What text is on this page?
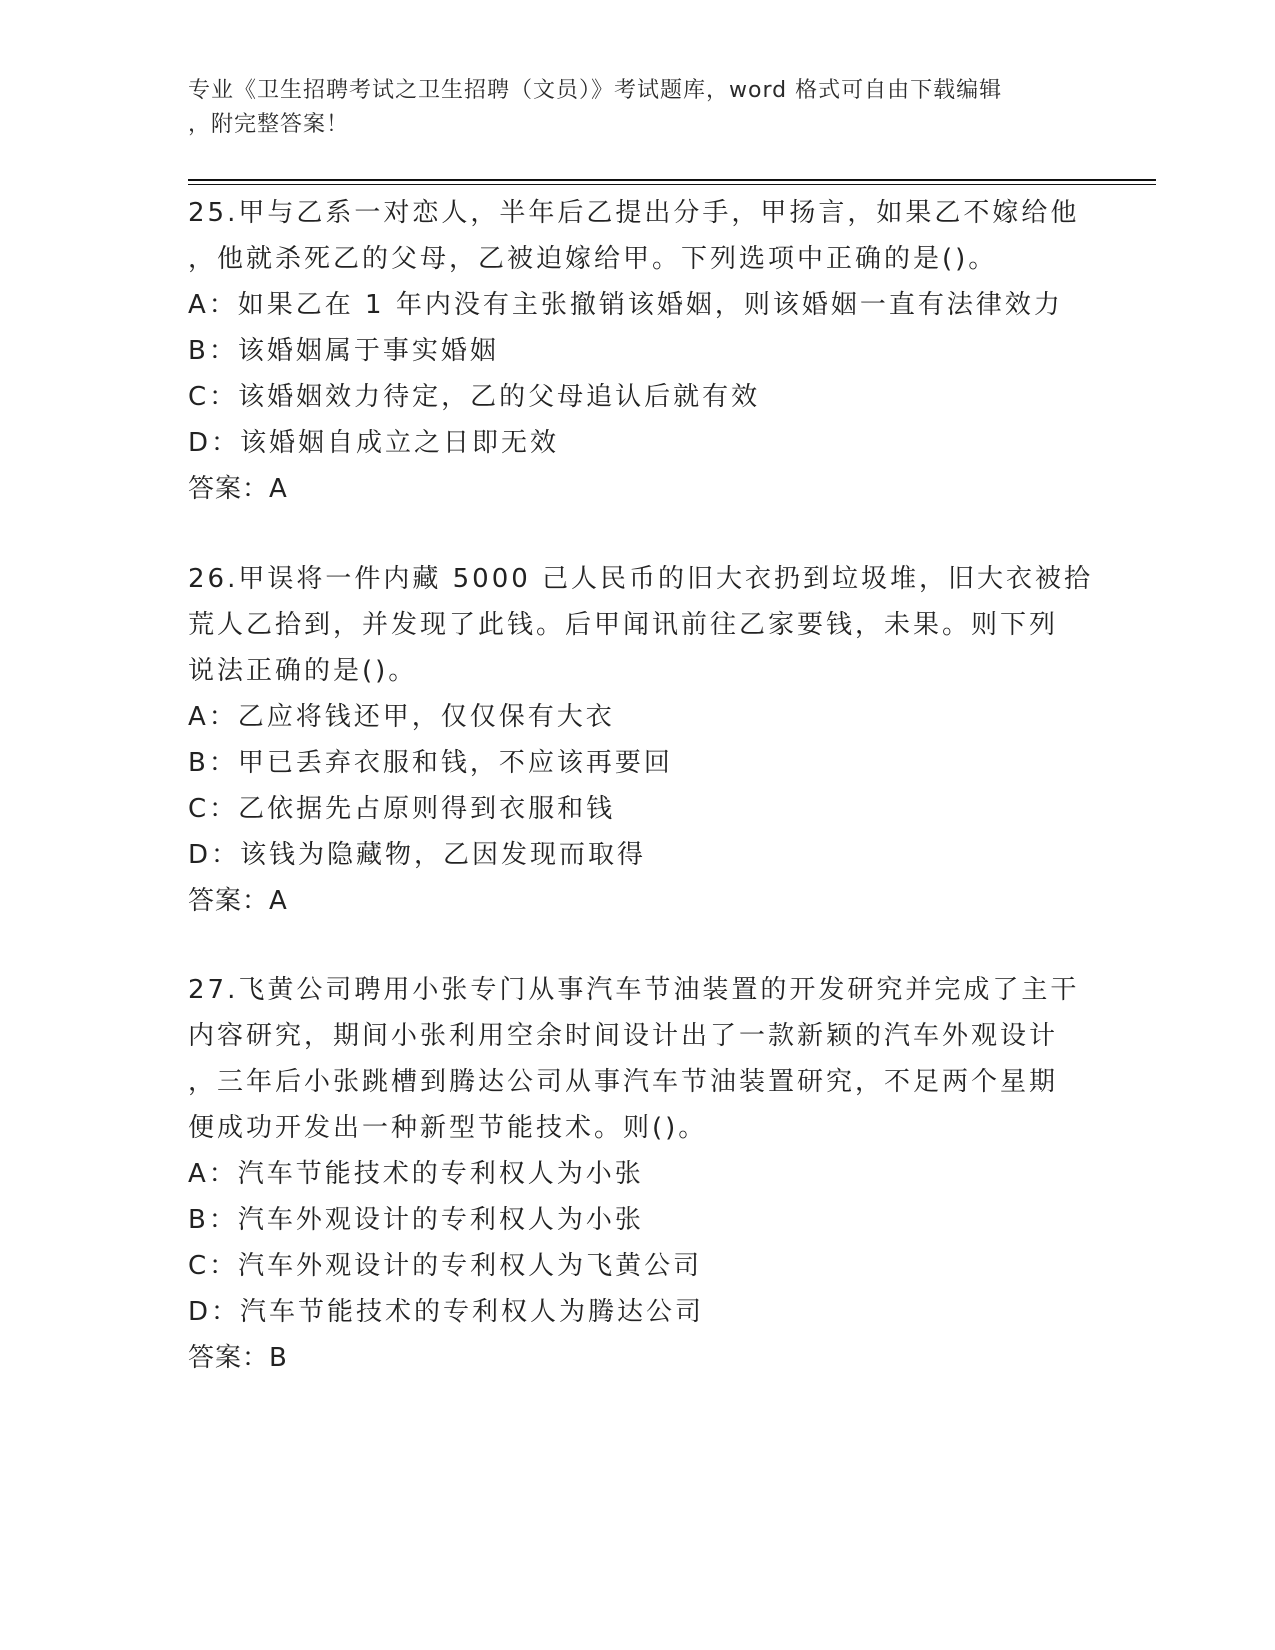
专业《卫生招聘考试之卫生招聘（文员）》考试题库，word 格式可自由下载编辑
，附完整答案！
25.甲与乙系一对恋人，半年后乙提出分手，甲扬言，如果乙不嫁给他
，他就杀死乙的父母，乙被迫嫁给甲。下列选项中正确的是()。
A：如果乙在 1 年内没有主张撤销该婚姻，则该婚姻一直有法律效力
B：该婚姻属于事实婚姻
C：该婚姻效力待定，乙的父母追认后就有效
D：该婚姻自成立之日即无效
答案：A
26.甲误将一件内藏 5000 己人民币的旧大衣扔到垃圾堆，旧大衣被拾
荒人乙拾到，并发现了此钱。后甲闻讯前往乙家要钱，未果。则下列
说法正确的是()。
A：乙应将钱还甲，仅仅保有大衣
B：甲已丢弃衣服和钱，不应该再要回
C：乙依据先占原则得到衣服和钱
D：该钱为隐藏物，乙因发现而取得
答案：A
27.飞黄公司聘用小张专门从事汽车节油装置的开发研究并完成了主干
内容研究，期间小张利用空余时间设计出了一款新颖的汽车外观设计
，三年后小张跳槽到腾达公司从事汽车节油装置研究，不足两个星期
便成功开发出一种新型节能技术。则()。
A：汽车节能技术的专利权人为小张
B：汽车外观设计的专利权人为小张
C：汽车外观设计的专利权人为飞黄公司
D：汽车节能技术的专利权人为腾达公司
答案：B
